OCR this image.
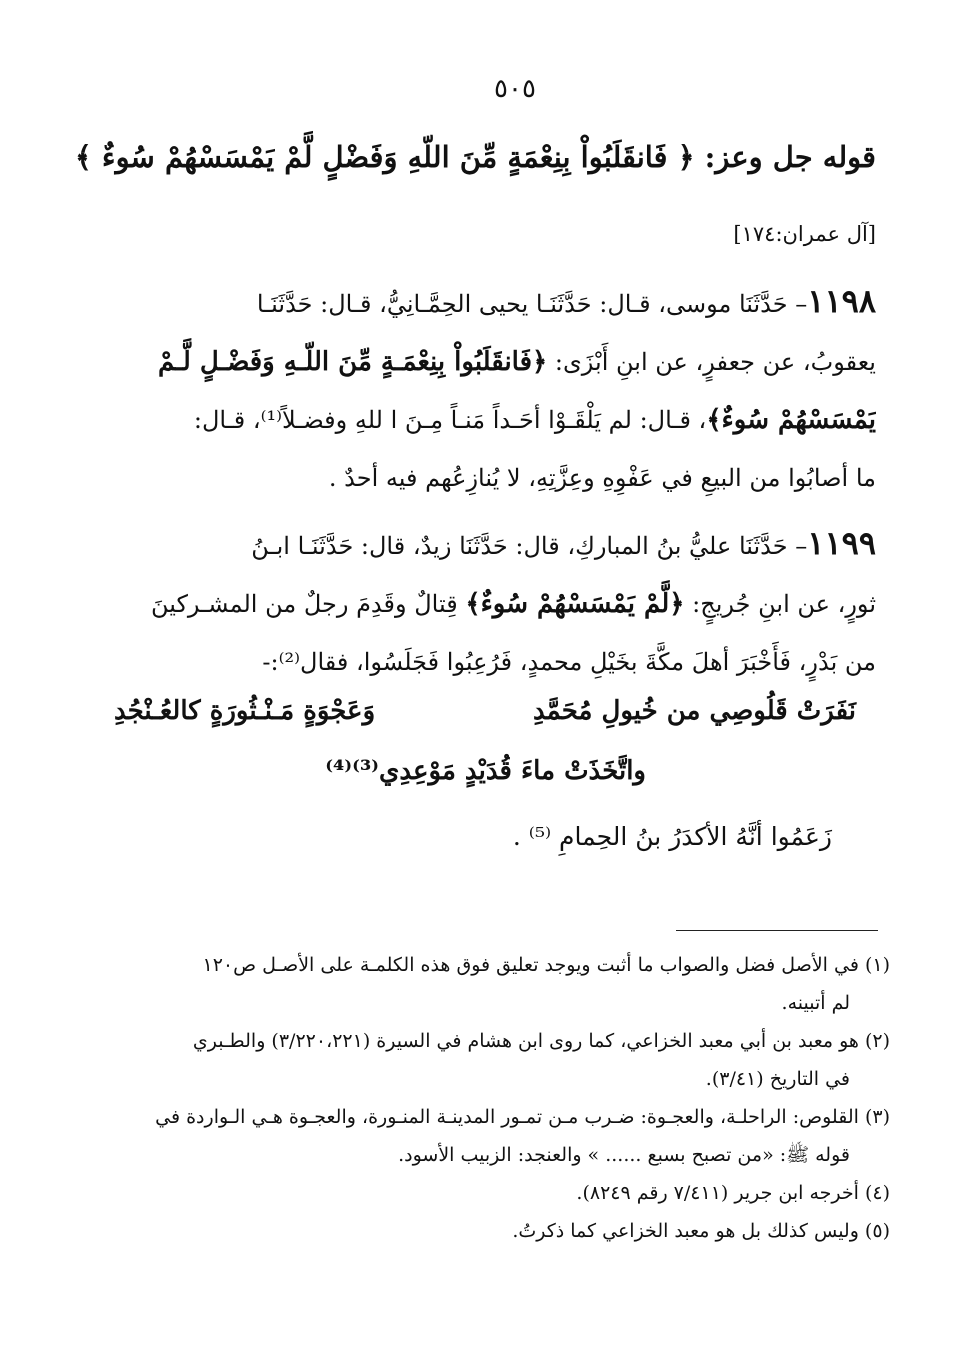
٥٠٥
قوله جل وعز: ﴿ فَانقَلَبُواْ بِنِعْمَةٍ مِّنَ اللّهِ وَفَضْلٍ لَّمْ يَمْسَسْهُمْ سُوءٌ ﴾
[آل عمران:١٧٤]
١١٩٨– حَدَّثَنَا موسى، قـال: حَدَّثَنَـا يحيى الحِمَّـانِيُّ، قـال: حَدَّثَنَـا
يعقوبُ، عن جعفرٍ، عن ابنِ أَبْزَى: ﴿فَانقَلَبُواْ بِنِعْمَـةٍ مِّنَ اللّـهِ وَفَضْـلٍ لَّـمْ
يَمْسَسْهُمْ سُوءٌ﴾، قـال: لم يَلْقَـوْا أحَـداً مَنـاً مِـنَ ا للهِ وفضـلاً⁽¹⁾، قـال:
ما أصابُوا من البيعِ في عَفْوِهِ وعِزَّتِهِ، لا يُنازِعُهم فيه أحدٌ .
١١٩٩– حَدَّثَنَا عليُّ بنُ المباركِ، قال: حَدَّثَنَا زيدٌ، قال: حَدَّثَنَـا ابـنُ
ثورٍ، عن ابنِ جُريجٍ: ﴿لَّمْ يَمْسَسْهُمْ سُوءٌ﴾ قِتالٌ وقَدِمَ رجلٌ من المشـركينَ
من بَدْرٍ، فَأَخْبَرَ أهلَ مكَّةَ بخَيْلِ محمدٍ، فَرُعِبُوا فَجَلَسُوا، فقال⁽²⁾:-
نَفَرَتْ قَلُوصِي من خُيولِ مُحَمَّدِ
وَعَجْوَةٍ مَـنْـثُورَةٍ كالعُـنْجُدِ
واتَّخَذَتْ ماءَ قُدَيْدٍ مَوْعِدِي⁽³⁾⁽⁴⁾
زَعَمُوا أنَّهُ الأكدَرُ بنُ الحِمامِ ⁽⁵⁾ .
(١) في الأصل فضل والصواب ما أثبت ويوجد تعليق فوق هذه الكلمـة على الأصـل ص١٢٠
لم أتبينه.
(٢) هو معبد بن أبي معبد الخزاعي، كما روى ابن هشام في السيرة (٣/٢٢٠،٢٢١) والطـبري
في التاريخ (٣/٤١).
(٣) القلوص: الراحلـة، والعجـوة: ضـرب مـن تمـور المدينـة المنـورة، والعجـوة هـي الـواردة في
قوله ﷺ: «من تصبح بسبع ...... » والعنجد: الزبيب الأسود.
(٤) أخرجه ابن جرير (٧/٤١١ رقم ٨٢٤٩).
(٥) وليس كذلك بل هو معبد الخزاعي كما ذكرتُ.
